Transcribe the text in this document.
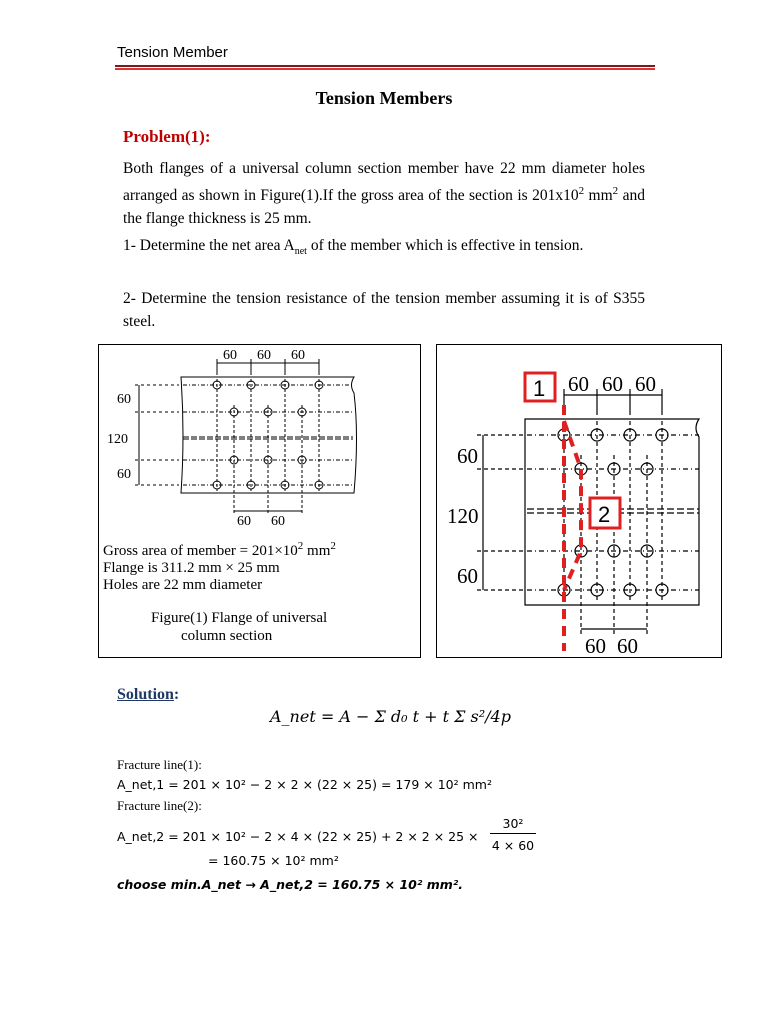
Tension Member
Tension Members
Problem(1):
Both flanges of a universal column section member have 22 mm diameter holes arranged as shown in Figure(1).If the gross area of the section is $201x10^2$ $mm^2$ and the flange thickness is 25 mm.
1- Determine the net area $A_{net}$ of the member which is effective in tension.
2- Determine the tension resistance of the tension member assuming it is of S355 steel.
60 60 60
60
120
60
60 60
Gross area of member = $201\times 10^2$ $mm^2$
Flange is 311.2 mm × 25 mm
Holes are 22 mm diameter
Figure(1) Flange of universal
column section
60 60 60
60
120
60
60 60
1
2
Solution:
A_net = A − Σ d₀ t + t Σ s²/4p
Fracture line(1):
A_net,1 = 201 × 10² − 2 × 2 × (22 × 25) = 179 × 10² mm²
Fracture line(2):
A_net,2 = 201 × 10² − 2 × 4 × (22 × 25) + 2 × 2 × 25 ×
30²
4 × 60
= 160.75 × 10² mm²
choose min.A_net → A_net,2 = 160.75 × 10² mm².
